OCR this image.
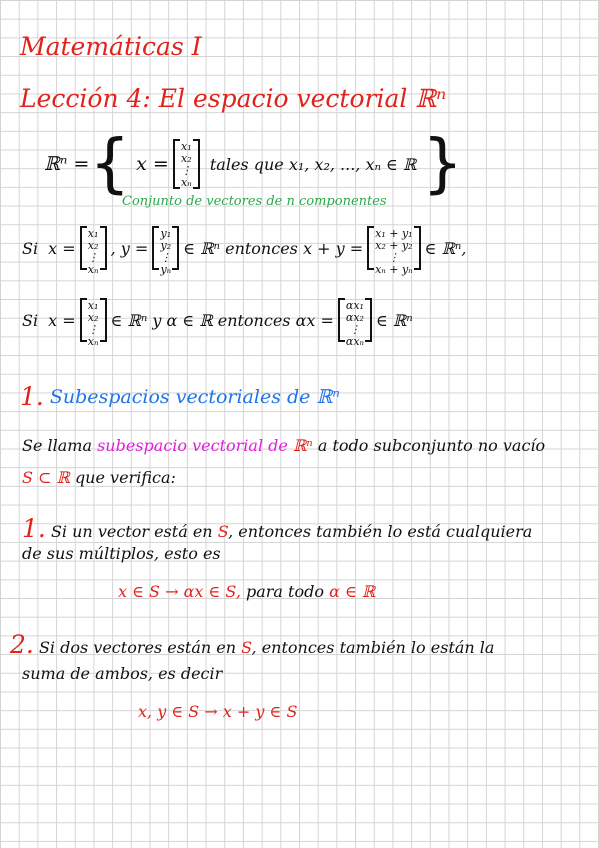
Matemáticas I
Lección 4: El espacio vectorial ℝⁿ
ℝⁿ = { x =
x₁
x₂
⋮
xₙ
tales que x₁, x₂, ..., xₙ ∈ ℝ }
Conjunto de vectores de n componentes
Si x =
x₁
x₂
⋮
xₙ
, y =
y₁
y₂
⋮
yₙ
∈ ℝⁿ entonces x + y =
x₁ + y₁
x₂ + y₂
⋮
xₙ + yₙ
∈ ℝⁿ,
Si x =
x₁
x₂
⋮
xₙ
∈ ℝⁿ y α ∈ ℝ entonces αx =
αx₁
αx₂
⋮
αxₙ
∈ ℝⁿ
1. Subespacios vectoriales de ℝⁿ
Se llama subespacio vectorial de ℝⁿ a todo subconjunto no vacío
S ⊂ ℝ que verifica:
1. Si un vector está en S, entonces también lo está cualquiera
de sus múltiplos, esto es
x ∈ S → αx ∈ S, para todo α ∈ ℝ
2. Si dos vectores están en S, entonces también lo están la
suma de ambos, es decir
x, y ∈ S → x + y ∈ S
